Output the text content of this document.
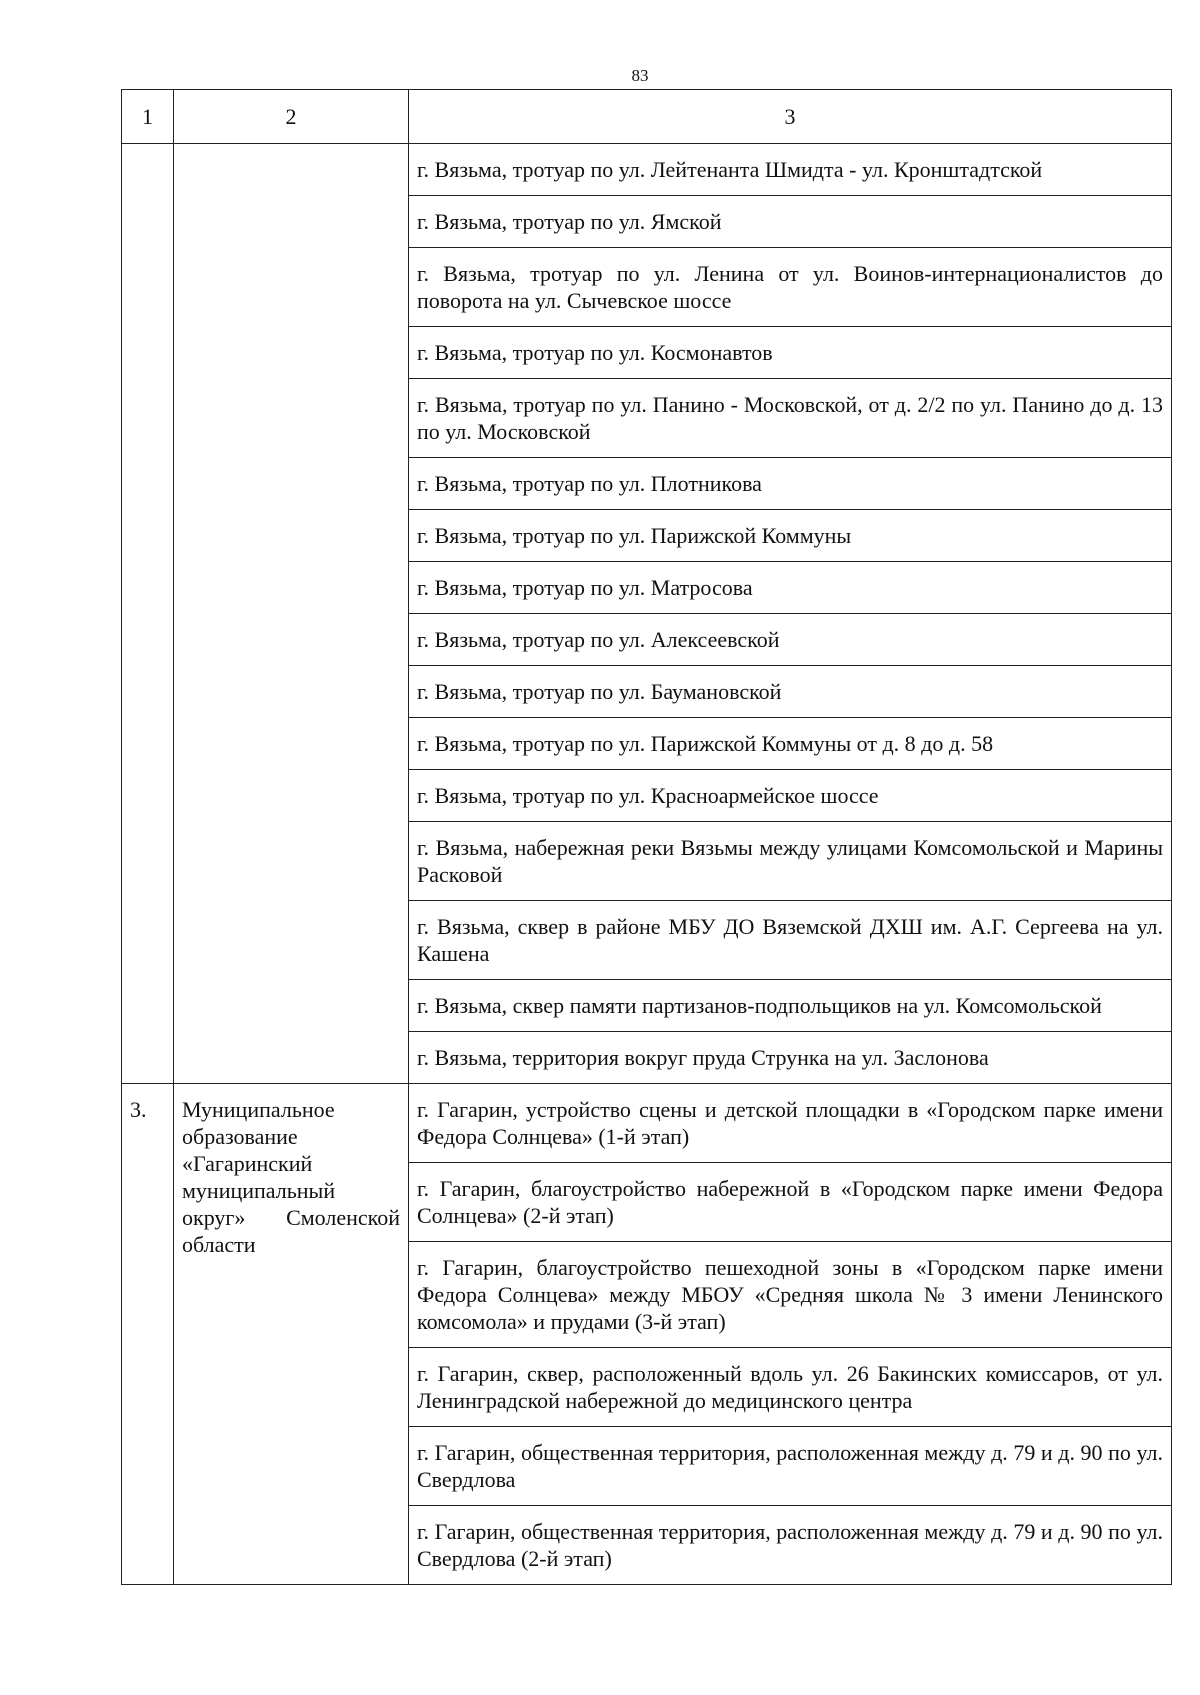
83
1	2	3
		г. Вязьма, тротуар по ул. Лейтенанта Шмидта - ул. Кронштадтской
		г. Вязьма, тротуар по ул. Ямской
		г. Вязьма, тротуар по ул. Ленина от ул. Воинов-интернационалистов до поворота на ул. Сычевское шоссе
		г. Вязьма, тротуар по ул. Космонавтов
		г. Вязьма, тротуар по ул. Панино - Московской, от д. 2/2 по ул. Панино до д. 13 по ул. Московской
		г. Вязьма, тротуар по ул. Плотникова
		г. Вязьма, тротуар по ул. Парижской Коммуны
		г. Вязьма, тротуар по ул. Матросова
		г. Вязьма, тротуар по ул. Алексеевской
		г. Вязьма, тротуар по ул. Баумановской
		г. Вязьма, тротуар по ул. Парижской Коммуны от д. 8 до д. 58
		г. Вязьма, тротуар по ул. Красноармейское шоссе
		г. Вязьма, набережная реки Вязьмы между улицами Комсомольской и Марины Расковой
		г. Вязьма, сквер в районе МБУ ДО Вяземской ДХШ им. А.Г. Сергеева на ул. Кашена
		г. Вязьма, сквер памяти партизанов-подпольщиков на ул. Комсомольской
		г. Вязьма, территория вокруг пруда Струнка на ул. Заслонова
3.	Муниципальное образование «Гагаринский муниципальный округ» Смоленской области	г. Гагарин, устройство сцены и детской площадки в «Городском парке имени Федора Солнцева» (1-й этап)
		г. Гагарин, благоустройство набережной в «Городском парке имени Федора Солнцева» (2-й этап)
		г. Гагарин, благоустройство пешеходной зоны в «Городском парке имени Федора Солнцева» между МБОУ «Средняя школа № 3 имени Ленинского комсомола» и прудами (3-й этап)
		г. Гагарин, сквер, расположенный вдоль ул. 26 Бакинских комиссаров, от ул. Ленинградской набережной до медицинского центра
		г. Гагарин, общественная территория, расположенная между д. 79 и д. 90 по ул. Свердлова
		г. Гагарин, общественная территория, расположенная между д. 79 и д. 90 по ул. Свердлова (2-й этап)
